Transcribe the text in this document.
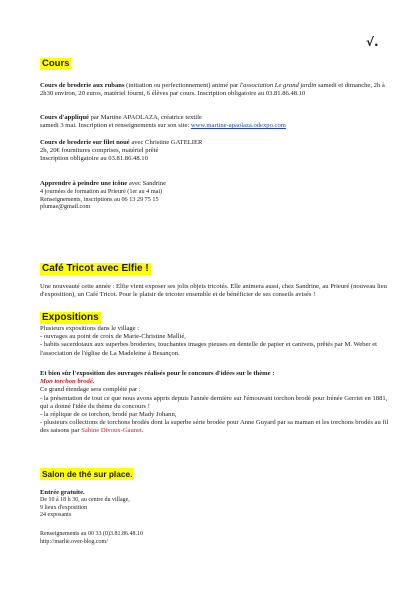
√.
Cours

Cours de broderie aux rubans (initiation ou perfectionnement) animé par l'association Le grand jardin samedi et dimanche, 2h à 2h30 environ, 20 euros, matériel fourni, 6 élèves par cours. Inscription obligatoire au 03.81.86.48.10

Cours d'appliqué par Martine APAOLAZA, créatrice textile

samedi 3 mai. Inscription et renseignements sur son site: www.martine-apaolaza.odexpo.com

Cours de broderie sur filet noué avec Christine GATELIER

2h, 20€ fournitures comprises, matériel prêté

Inscription obligatoire au 03.81.86.48.10

Apprendre à peindre une icône avec Sandrine

4 journées de formation au Prieuré (1er au 4 mai)

Renseignements, inscriptions au 06 13 29 75 15

plumae@gmail.com

Café Tricot avec Elfie !

Une nouveauté cette année : Elfie vient exposer ses jolis objets tricotés. Elle animera aussi, chez Sandrine, au Prieuré (nouveau lieu d'exposition), un Café Tricot. Pour le plaisir de tricoter ensemble et de bénéficier de ses conseils avisés !

Expositions

Plusieurs expositions dans le village :

- ouvrages au point de croix de Marie-Christine Mallié,

- habits sacerdotaux aux superbes broderies, touchantes images pieuses en dentelle de papier et canivets, prêtés par M. Weber et l'association de l'église de La Madeleine à Besançon.

Et bien sûr l'exposition des ouvrages réalisés pour le concours d'idées sur le thème :

Mon torchon brodé.

Ce grand étendage sera complété par :

- la présentation de tout ce que nous avons appris depuis l'année dernière sur l'émouvant torchon brodé pour Irénée Gerriet en 1881, qui a donné l'idée du thème du concours !

- la réplique de ce torchon, brodé par Mady Johann,

- plusieurs collections de torchons brodés dont la superbe série brodée pour Anne Guyard par sa maman et les torchons brodés au fil des saisons par Sabine Divoux-Gaunet.

Salon de thé sur place.

Entrée gratuite.

De 10 à 18 h 30, au centre du village,

9 lieux d'exposition

24 exposants

Renseignements au 00 33 (0)3.81.86.48.10

http://marlie.over-blog.com/
